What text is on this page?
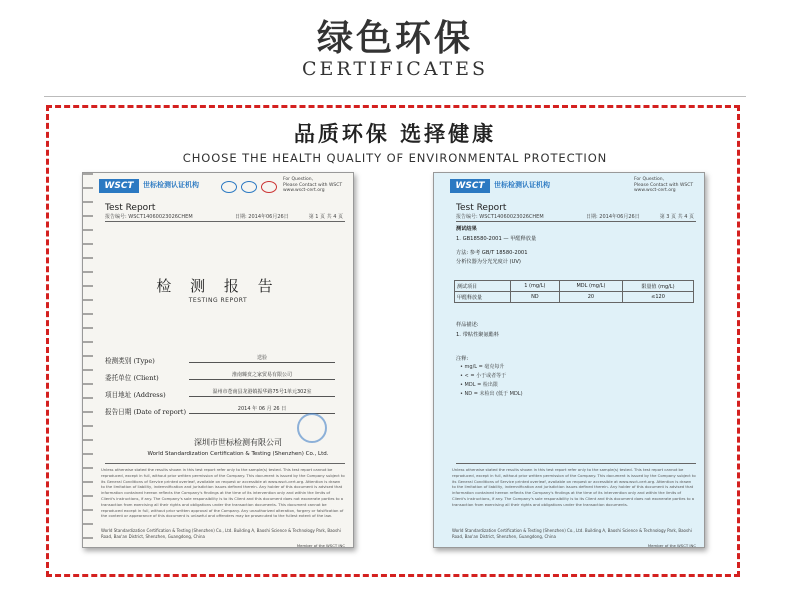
绿色环保
CERTIFICATES
品质环保 选择健康
CHOOSE THE HEALTH QUALITY OF ENVIRONMENTAL PROTECTION
WSCT	世标检测认证机构
For Question,
Please Contact with WSCT
www.wsct-cert.org
Test Report
报告编号: WSCT14060023026CHEM	日期: 2014年06月26日	第 1 页 共 4 页
检 测 报 告
TESTING REPORT
检测类别 (Type)	送验
委托单位 (Client)	淮南臻贲之家贸易有限公司
项目地址 (Address)	温州市苍南县龙港镇振华路75号1单元302室
报告日期 (Date of report)	2014 年 06 月 26 日
深圳市世标检测有限公司
World Standardization Certification & Testing (Shenzhen) Co., Ltd.
Unless otherwise stated the results shown in this test report refer only to the sample(s) tested. This test report cannot be reproduced, except in full, without prior written permission of the Company. This document is issued by the Company subject to its General Conditions of Service printed overleaf, available on request or accessible at www.wsct-cert.org. Attention is drawn to the limitation of liability, indemnification and jurisdiction issues defined therein. Any holder of this document is advised that information contained hereon reflects the Company's findings at the time of its intervention only and within the limits of Client's instructions, if any. The Company's sole responsibility is to its Client and this document does not exonerate parties to a transaction from exercising all their rights and obligations under the transaction documents. This document cannot be reproduced except in full, without prior written approval of the Company. Any unauthorized alteration, forgery or falsification of the content or appearance of this document is unlawful and offenders may be prosecuted to the fullest extent of the law.
World Standardization Certification & Testing (Shenzhen) Co., Ltd. Building A, Baoshi Science & Technology Park, Baoshi Road, Bao'an District, Shenzhen, Guangdong, China
Member of the WSCT INC
WSCT	世标检测认证机构
For Question,
Please Contact with WSCT
www.wsct-cert.org
Test Report
报告编号: WSCT14060023026CHEM	日期: 2014年06月26日	第 3 页 共 4 页
测试结果
1. GB18580-2001 — 甲醛释放量
方法: 参考 GB/T 18580-2001
分析仪器为分光光度计 (UV)
测试项目	1 (mg/L)	MDL (mg/L)	限量值 (mg/L)
甲醛释放量	ND	20	≤120
样品描述:
1. 带粘性聚氨酯料
注释:
• mg/L = 毫克每升
• < = 小于或者等于
• MDL = 检出限
• ND = 未检出 (低于 MDL)
Unless otherwise stated the results shown in this test report refer only to the sample(s) tested. This test report cannot be reproduced, except in full, without prior written permission of the Company. This document is issued by the Company subject to its General Conditions of Service printed overleaf, available on request or accessible at www.wsct-cert.org. Attention is drawn to the limitation of liability, indemnification and jurisdiction issues defined therein. Any holder of this document is advised that information contained hereon reflects the Company's findings at the time of its intervention only and within the limits of Client's instructions, if any. The Company's sole responsibility is to its Client and this document does not exonerate parties to a transaction from exercising all their rights and obligations under the transaction documents.
World Standardization Certification & Testing (Shenzhen) Co., Ltd. Building A, Baoshi Science & Technology Park, Baoshi Road, Bao'an District, Shenzhen, Guangdong, China
Member of the WSCT INC
